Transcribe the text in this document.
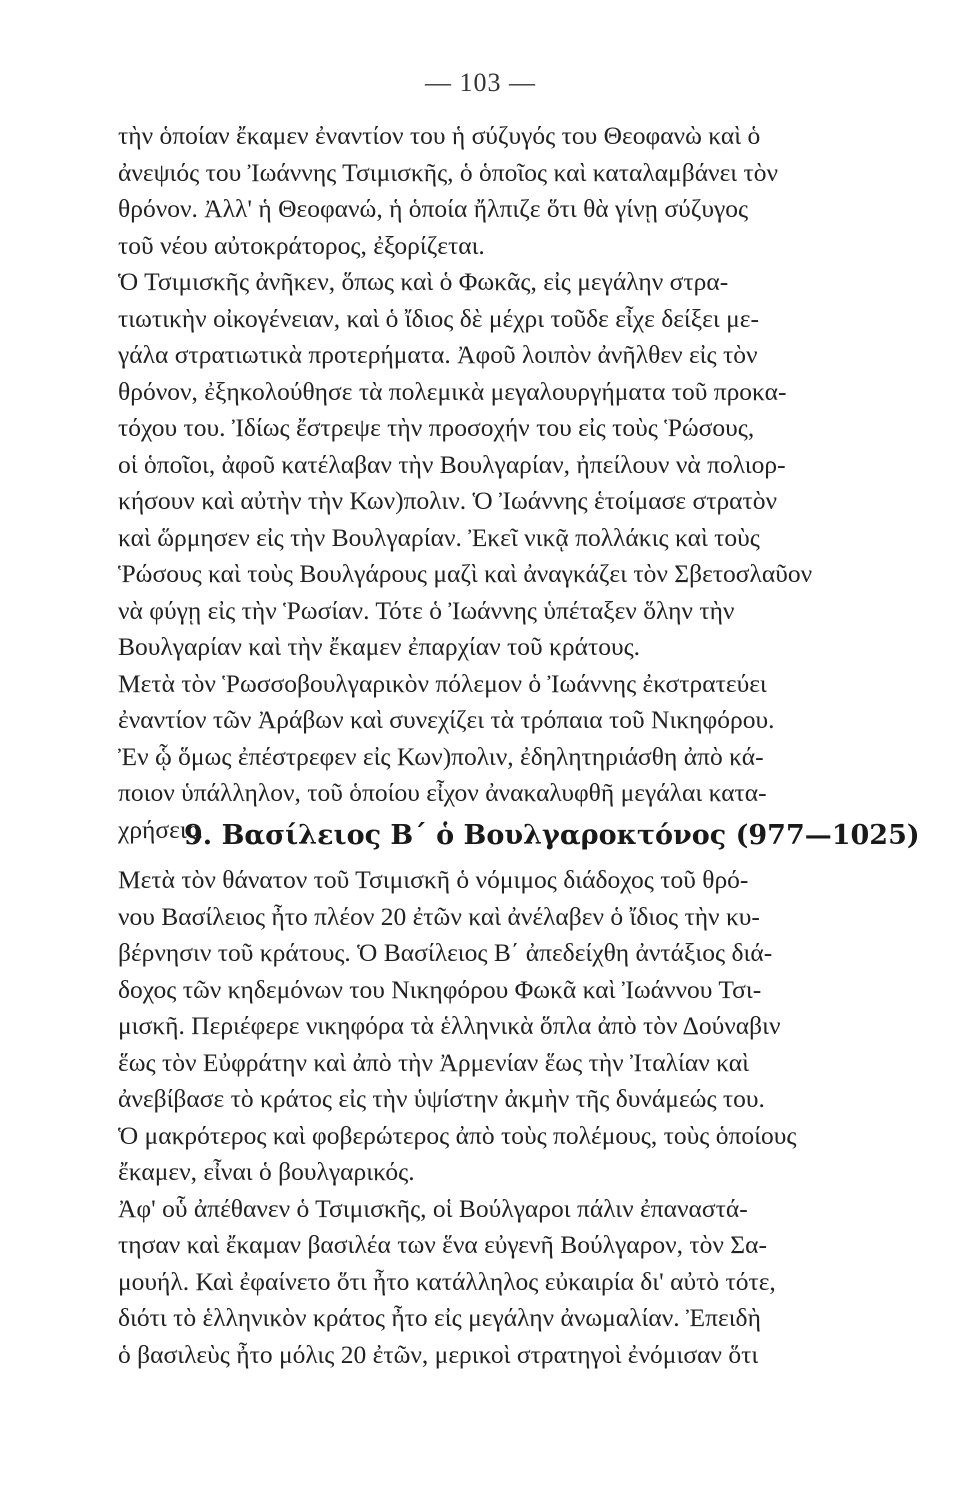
— 103 —
τὴν ὁποίαν ἔκαμεν ἐναντίον του ἡ σύζυγός του Θεοφανὼ καὶ ὁ
ἀνεψιός του Ἰωάννης Τσιμισκῆς, ὁ ὁποῖος καὶ καταλαμβάνει τὸν
θρόνον. Ἀλλ' ἡ Θεοφανώ, ἡ ὁποία ἤλπιζε ὅτι θὰ γίνῃ σύζυγος
τοῦ νέου αὐτοκράτορος, ἐξορίζεται.
Ὁ Τσιμισκῆς ἀνῆκεν, ὅπως καὶ ὁ Φωκᾶς, εἰς μεγάλην στρα-
τιωτικὴν οἰκογένειαν, καὶ ὁ ἴδιος δὲ μέχρι τοῦδε εἶχε δείξει με-
γάλα στρατιωτικὰ προτερήματα. Ἀφοῦ λοιπὸν ἀνῆλθεν εἰς τὸν
θρόνον, ἐξηκολούθησε τὰ πολεμικὰ μεγαλουργήματα τοῦ προκα-
τόχου του. Ἰδίως ἔστρεψε τὴν προσοχήν του εἰς τοὺς Ῥώσους,
οἱ ὁποῖοι, ἀφοῦ κατέλαβαν τὴν Βουλγαρίαν, ἠπείλουν νὰ πολιορ-
κήσουν καὶ αὐτὴν τὴν Κων)πολιν. Ὁ Ἰωάννης ἑτοίμασε στρατὸν
καὶ ὥρμησεν εἰς τὴν Βουλγαρίαν. Ἐκεῖ νικᾷ πολλάκις καὶ τοὺς
Ῥώσους καὶ τοὺς Βουλγάρους μαζὶ καὶ ἀναγκάζει τὸν Σβετοσλαῦον
νὰ φύγῃ εἰς τὴν Ῥωσίαν. Τότε ὁ Ἰωάννης ὑπέταξεν ὅλην τὴν
Βουλγαρίαν καὶ τὴν ἔκαμεν ἐπαρχίαν τοῦ κράτους.
Μετὰ τὸν Ῥωσσοβουλγαρικὸν πόλεμον ὁ Ἰωάννης ἐκστρατεύει
ἐναντίον τῶν Ἀράβων καὶ συνεχίζει τὰ τρόπαια τοῦ Νικηφόρου.
Ἐν ᾧ ὅμως ἐπέστρεφεν εἰς Κων)πολιν, ἐδηλητηριάσθη ἀπὸ κά-
ποιον ὑπάλληλον, τοῦ ὁποίου εἶχον ἀνακαλυφθῆ μεγάλαι κατα-
χρήσεις.
9. Βασίλειος Β΄ ὁ Βουλγαροκτόνος (977—1025)
Μετὰ τὸν θάνατον τοῦ Τσιμισκῆ ὁ νόμιμος διάδοχος τοῦ θρό-
νου Βασίλειος ἦτο πλέον 20 ἐτῶν καὶ ἀνέλαβεν ὁ ἴδιος τὴν κυ-
βέρνησιν τοῦ κράτους. Ὁ Βασίλειος Β΄ ἀπεδείχθη ἀντάξιος διά-
δοχος τῶν κηδεμόνων του Νικηφόρου Φωκᾶ καὶ Ἰωάννου Τσι-
μισκῆ. Περιέφερε νικηφόρα τὰ ἑλληνικὰ ὅπλα ἀπὸ τὸν Δούναβιν
ἕως τὸν Εὐφράτην καὶ ἀπὸ τὴν Ἀρμενίαν ἕως τὴν Ἰταλίαν καὶ
ἀνεβίβασε τὸ κράτος εἰς τὴν ὑψίστην ἀκμὴν τῆς δυνάμεώς του.
Ὁ μακρότερος καὶ φοβερώτερος ἀπὸ τοὺς πολέμους, τοὺς ὁποίους
ἔκαμεν, εἶναι ὁ βουλγαρικός.
Ἀφ' οὗ ἀπέθανεν ὁ Τσιμισκῆς, οἱ Βούλγαροι πάλιν ἐπαναστά-
τησαν καὶ ἔκαμαν βασιλέα των ἕνα εὐγενῆ Βούλγαρον, τὸν Σα-
μουήλ. Καὶ ἐφαίνετο ὅτι ἦτο κατάλληλος εὐκαιρία δι' αὐτὸ τότε,
διότι τὸ ἑλληνικὸν κράτος ἦτο εἰς μεγάλην ἀνωμαλίαν. Ἐπειδὴ
ὁ βασιλεὺς ἦτο μόλις 20 ἐτῶν, μερικοὶ στρατηγοὶ ἐνόμισαν ὅτι
